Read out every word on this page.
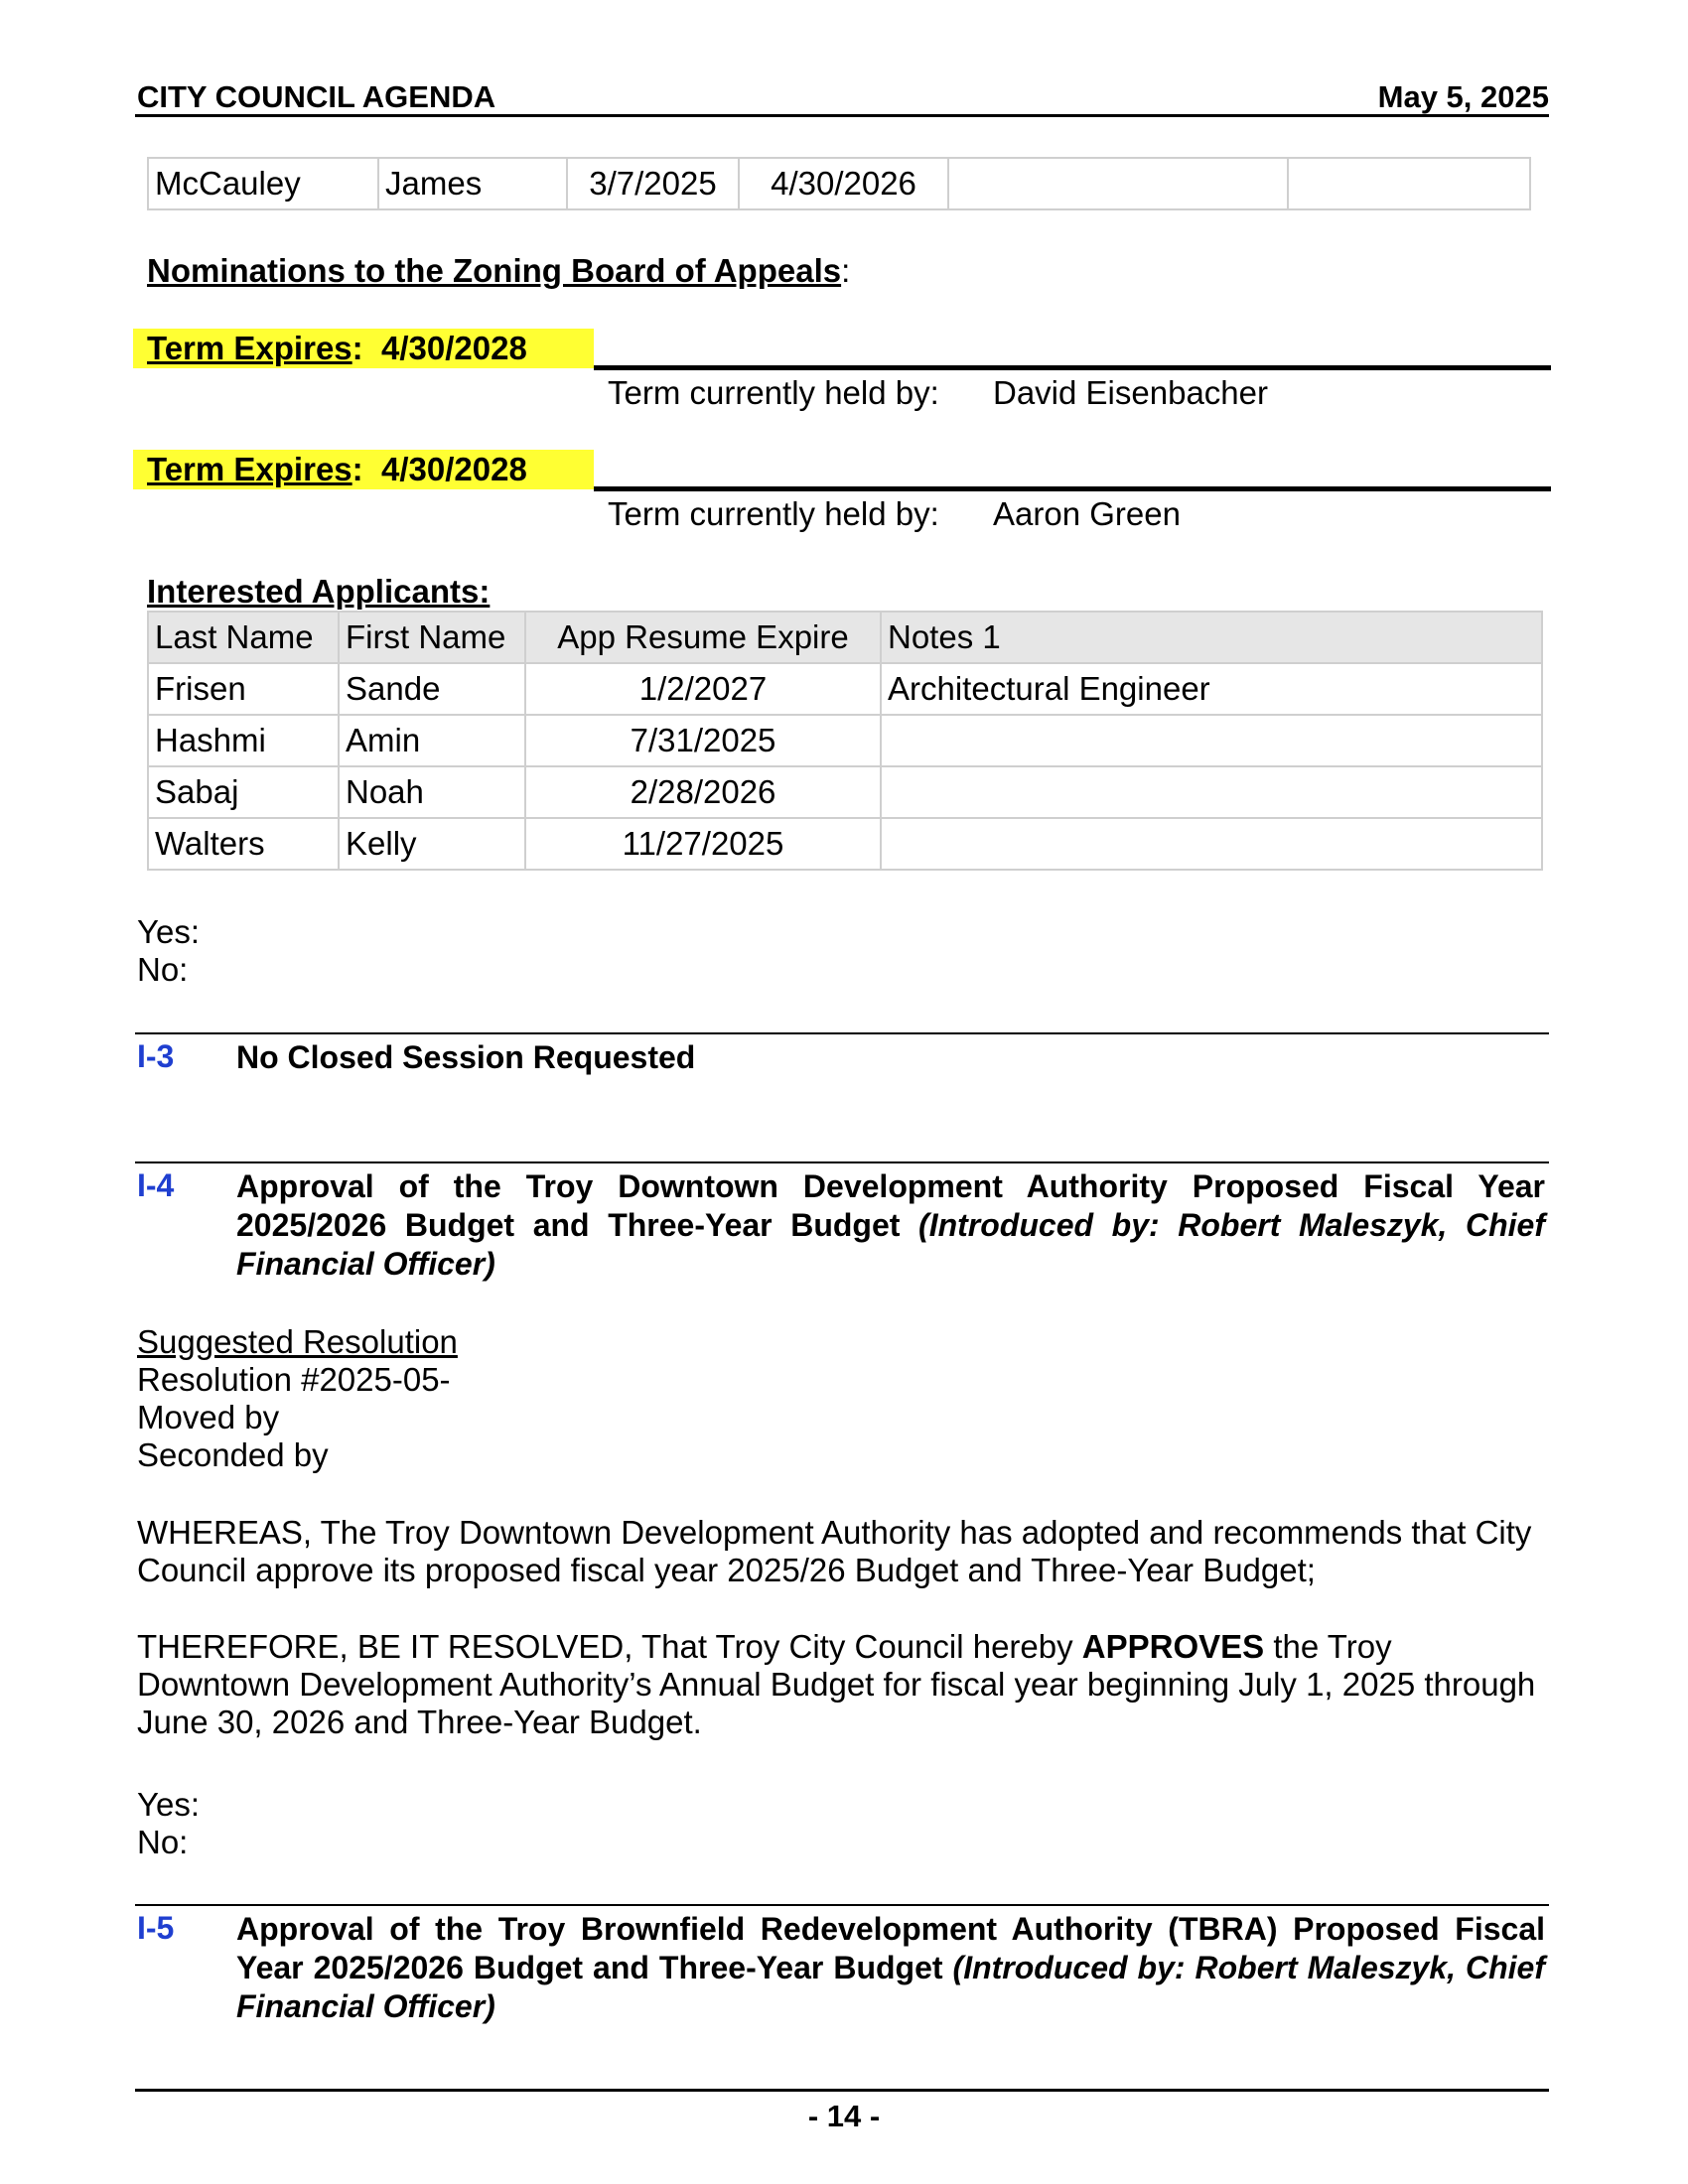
CITY COUNCIL AGENDA	May 5, 2025
McCauley	James	3/7/2025	4/30/2026		
Nominations to the Zoning Board of Appeals:
Term Expires:  4/30/2028
Term currently held by: David Eisenbacher
Term Expires:  4/30/2028
Term currently held by: Aaron Green
Interested Applicants:
Last Name	First Name	App Resume Expire	Notes 1
Frisen	Sande	1/2/2027	Architectural Engineer
Hashmi	Amin	7/31/2025	
Sabaj	Noah	2/28/2026	
Walters	Kelly	11/27/2025	
Yes:
No:
I-3 No Closed Session Requested
I-4 Approval of the Troy Downtown Development Authority Proposed Fiscal Year 2025/2026 Budget and Three-Year Budget (Introduced by: Robert Maleszyk, Chief Financial Officer)
Suggested Resolution
Resolution #2025-05-
Moved by
Seconded by
WHEREAS, The Troy Downtown Development Authority has adopted and recommends that City Council approve its proposed fiscal year 2025/26 Budget and Three-Year Budget;
THEREFORE, BE IT RESOLVED, That Troy City Council hereby APPROVES the Troy Downtown Development Authority’s Annual Budget for fiscal year beginning July 1, 2025 through June 30, 2026 and Three-Year Budget.
Yes:
No:
I-5 Approval of the Troy Brownfield Redevelopment Authority (TBRA) Proposed Fiscal Year 2025/2026 Budget and Three-Year Budget (Introduced by: Robert Maleszyk, Chief Financial Officer)
- 14 -
